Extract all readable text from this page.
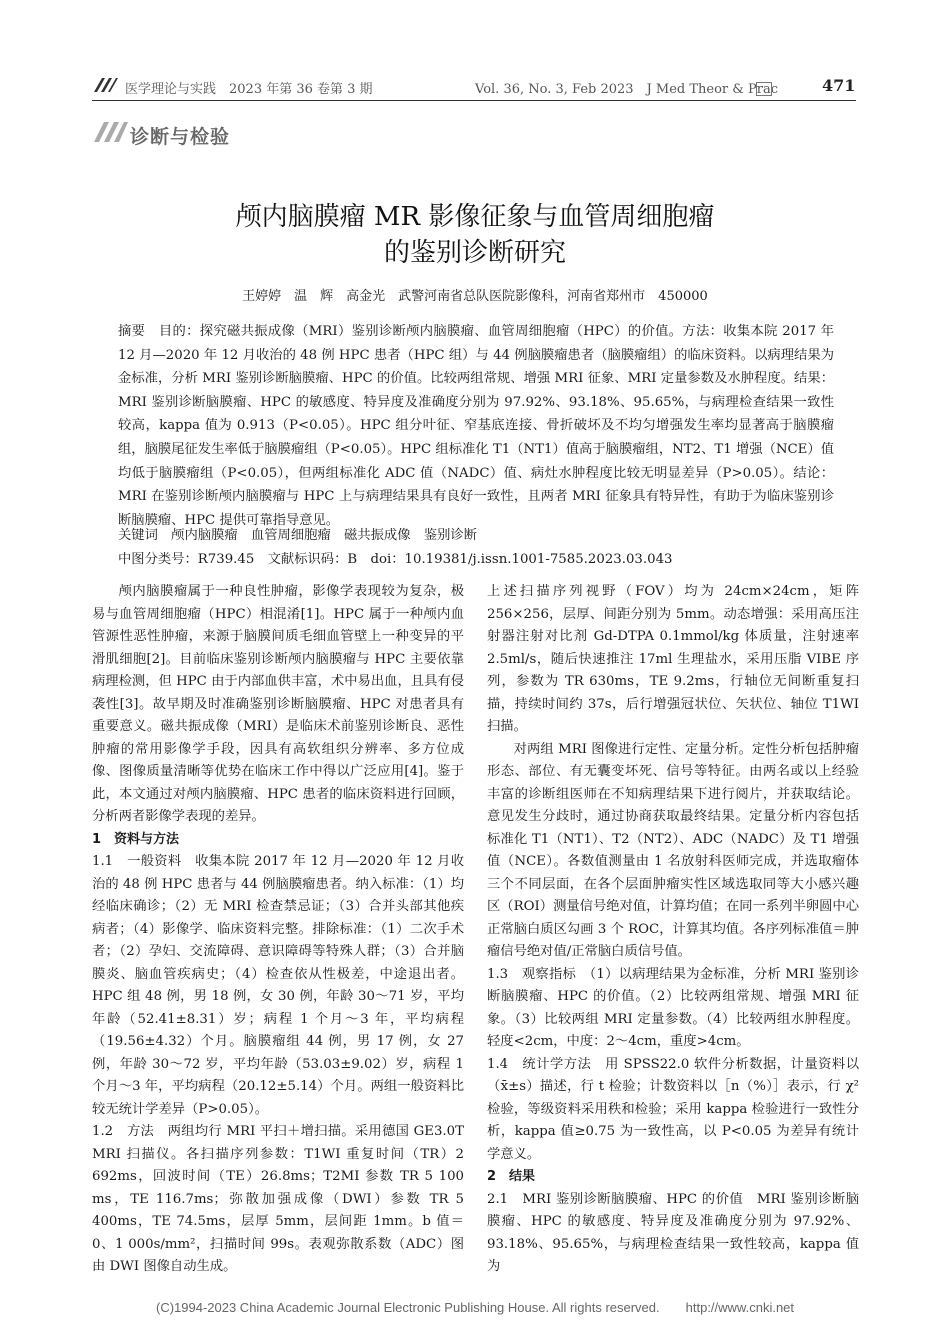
医学理论与实践　2023 年第 36 卷第 3 期	Vol. 36, No. 3, Feb 2023　J Med Theor & Prac	471
诊断与检验
颅内脑膜瘤 MR 影像征象与血管周细胞瘤
的鉴别诊断研究
王婷婷　温　辉　高金光　武警河南省总队医院影像科，河南省郑州市　450000
摘要　目的：探究磁共振成像（MRI）鉴别诊断颅内脑膜瘤、血管周细胞瘤（HPC）的价值。方法：收集本院 2017 年 12 月—2020 年 12 月收治的 48 例 HPC 患者（HPC 组）与 44 例脑膜瘤患者（脑膜瘤组）的临床资料。以病理结果为金标准，分析 MRI 鉴别诊断脑膜瘤、HPC 的价值。比较两组常规、增强 MRI 征象、MRI 定量参数及水肿程度。结果：MRI 鉴别诊断脑膜瘤、HPC 的敏感度、特异度及准确度分别为 97.92%、93.18%、95.65%，与病理检查结果一致性较高，kappa 值为 0.913（P<0.05）。HPC 组分叶征、窄基底连接、骨折破坏及不均匀增强发生率均显著高于脑膜瘤组，脑膜尾征发生率低于脑膜瘤组（P<0.05）。HPC 组标准化 T1（NT1）值高于脑膜瘤组，NT2、T1 增强（NCE）值均低于脑膜瘤组（P<0.05），但两组标准化 ADC 值（NADC）值、病灶水肿程度比较无明显差异（P>0.05）。结论：MRI 在鉴别诊断颅内脑膜瘤与 HPC 上与病理结果具有良好一致性，且两者 MRI 征象具有特异性，有助于为临床鉴别诊断脑膜瘤、HPC 提供可靠指导意见。
关键词　颅内脑膜瘤　血管周细胞瘤　磁共振成像　鉴别诊断
中图分类号：R739.45　文献标识码：B　doi：10.19381/j.issn.1001-7585.2023.03.043

颅内脑膜瘤属于一种良性肿瘤，影像学表现较为复杂，极易与血管周细胞瘤（HPC）相混淆[1]。HPC 属于一种颅内血管源性恶性肿瘤，来源于脑膜间质毛细血管壁上一种变异的平滑肌细胞[2]。目前临床鉴别诊断颅内脑膜瘤与 HPC 主要依靠病理检测，但 HPC 由于内部血供丰富，术中易出血，且具有侵袭性[3]。故早期及时准确鉴别诊断脑膜瘤、HPC 对患者具有重要意义。磁共振成像（MRI）是临床术前鉴别诊断良、恶性肿瘤的常用影像学手段，因具有高软组织分辨率、多方位成像、图像质量清晰等优势在临床工作中得以广泛应用[4]。鉴于此，本文通过对颅内脑膜瘤、HPC 患者的临床资料进行回顾，分析两者影像学表现的差异。

1　资料与方法

1.1　一般资料　收集本院 2017 年 12 月—2020 年 12 月收治的 48 例 HPC 患者与 44 例脑膜瘤患者。纳入标准：（1）均经临床确诊；（2）无 MRI 检查禁忌证；（3）合并头部其他疾病者；（4）影像学、临床资料完整。排除标准：（1）二次手术者；（2）孕妇、交流障碍、意识障碍等特殊人群；（3）合并脑膜炎、脑血管疾病史；（4）检查依从性极差，中途退出者。HPC 组 48 例，男 18 例，女 30 例，年龄 30～71 岁，平均年龄（52.41±8.31）岁；病程 1 个月～3 年，平均病程（19.56±4.32）个月。脑膜瘤组 44 例，男 17 例，女 27 例，年龄 30～72 岁，平均年龄（53.03±9.02）岁，病程 1 个月～3 年，平均病程（20.12±5.14）个月。两组一般资料比较无统计学差异（P>0.05）。

1.2　方法　两组均行 MRI 平扫＋增扫描。采用德国 GE3.0T MRI 扫描仪。各扫描序列参数：T1WI 重复时间（TR）2 692ms，回波时间（TE）26.8ms；T2MI 参数 TR 5 100 ms，TE 116.7ms；弥散加强成像（DWI）参数 TR 5 400ms，TE 74.5ms，层厚 5mm，层间距 1mm。b 值＝0、1 000s/mm²，扫描时间 99s。表观弥散系数（ADC）图由 DWI 图像自动生成。

上述扫描序列视野（FOV）均为 24cm×24cm，矩阵 256×256，层厚、间距分别为 5mm。动态增强：采用高压注射器注射对比剂 Gd-DTPA 0.1mmol/kg 体质量，注射速率 2.5ml/s，随后快速推注 17ml 生理盐水，采用压脂 VIBE 序列，参数为 TR 630ms，TE 9.2ms，行轴位无间断重复扫描，持续时间约 37s，后行增强冠状位、矢状位、轴位 T1WI 扫描。

对两组 MRI 图像进行定性、定量分析。定性分析包括肿瘤形态、部位、有无囊变坏死、信号等特征。由两名或以上经验丰富的诊断组医师在不知病理结果下进行阅片，并获取结论。意见发生分歧时，通过协商获取最终结果。定量分析内容包括标准化 T1（NT1）、T2（NT2）、ADC（NADC）及 T1 增强值（NCE）。各数值测量由 1 名放射科医师完成，并选取瘤体三个不同层面，在各个层面肿瘤实性区域选取同等大小感兴趣区（ROI）测量信号绝对值，计算均值；在同一系列半卵圆中心正常脑白质区勾画 3 个 ROC，计算其均值。各序列标准值＝肿瘤信号绝对值/正常脑白质信号值。

1.3　观察指标　（1）以病理结果为金标准，分析 MRI 鉴别诊断脑膜瘤、HPC 的价值。（2）比较两组常规、增强 MRI 征象。（3）比较两组 MRI 定量参数。（4）比较两组水肿程度。轻度<2cm，中度：2～4cm，重度>4cm。

1.4　统计学方法　用 SPSS22.0 软件分析数据，计量资料以（x̄±s）描述，行 t 检验；计数资料以［n（%）］表示，行 χ² 检验，等级资料采用秩和检验；采用 kappa 检验进行一致性分析，kappa 值≥0.75 为一致性高，以 P<0.05 为差异有统计学意义。

2　结果

2.1　MRI 鉴别诊断脑膜瘤、HPC 的价值　MRI 鉴别诊断脑膜瘤、HPC 的敏感度、特异度及准确度分别为 97.92%、93.18%、95.65%，与病理检查结果一致性较高，kappa 值为

(C)1994-2023 China Academic Journal Electronic Publishing House. All rights reserved.　　http://www.cnki.net
